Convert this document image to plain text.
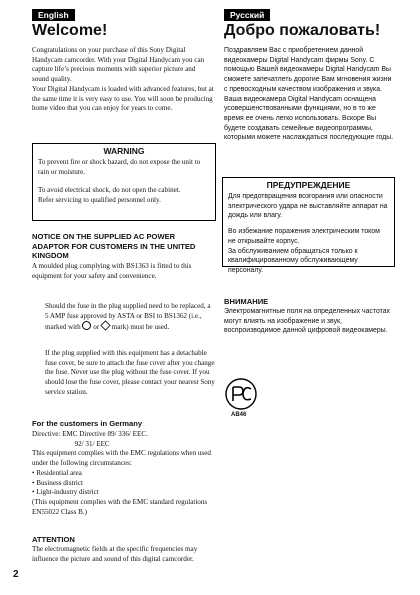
English	Русский
Welcome!	Добро пожаловать!

Congratulations on your purchase of this Sony Digital Handycam camcorder. With your Digital Handycam you can capture life’s precious moments with superior picture and sound quality.
Your Digital Handycam is loaded with advanced features, but at the same time it is very easy to use. You will soon be producing home video that you can enjoy for years to come.

WARNING

To prevent fire or shock hazard, do not expose the unit to rain or moisture.

To avoid electrical shock, do not open the cabinet.
Refer servicing to qualified personnel only.

NOTICE ON THE SUPPLIED AC POWER ADAPTOR FOR CUSTOMERS IN THE UNITED KINGDOM

A moulded plug complying with BS1363 is fitted to this equipment for your safety and convenience.

Should the fuse in the plug supplied need to be replaced, a 5 AMP fuse approved by ASTA or BSI to BS1362 (i.e., marked with or mark) must be used.

If the plug supplied with this equipment has a detachable fuse cover, be sure to attach the fuse cover after you change the fuse. Never use the plug without the fuse cover. If you should lose the fuse cover, please contact your nearest Sony service station.

For the customers in Germany

Directive: EMC Directive 89/ 336/ EEC.
92/ 31/ EEC
This equipment complies with the EMC regulations when used under the following circumstances:
• Residential area
• Business district
• Light-industry district
(This equipment complies with the EMC standard regulations EN55022 Class B.)

ATTENTION

The electromagnetic fields at the specific frequencies may influence the picture and sound of this digital camcorder.

Поздравляем Вас с приобретением данной видеокамеры Digital Handycam фирмы Sony. С помощью Вашей видеокамеры Digital Handycam Вы сможете запечатлеть дорогие Вам мгновения жизни с превосходным качеством изображения и звука.
Ваша видеокамера Digital Handycam оснащена усовершенствованными функциями, но в то же время ее очень легко использовать. Вскоре Вы будете создавать семейные видеопрограммы, которыми можете наслаждаться последующие годы.

ПРЕДУПРЕЖДЕНИЕ

Для предотвращения возгорания или опасности электрического удара не выставляйте аппарат на дождь или влагу.

Во избежание поражения электрическим током не открывайте корпус.
За обслуживанием обращаться только к квалифицированному обслуживающему персоналу.

ВНИМАНИЕ

Электромагнитные поля на определенных частотах могут влиять на изображение и звук, воспроизводимое данной цифровой видеокамеры.

AB46
2
